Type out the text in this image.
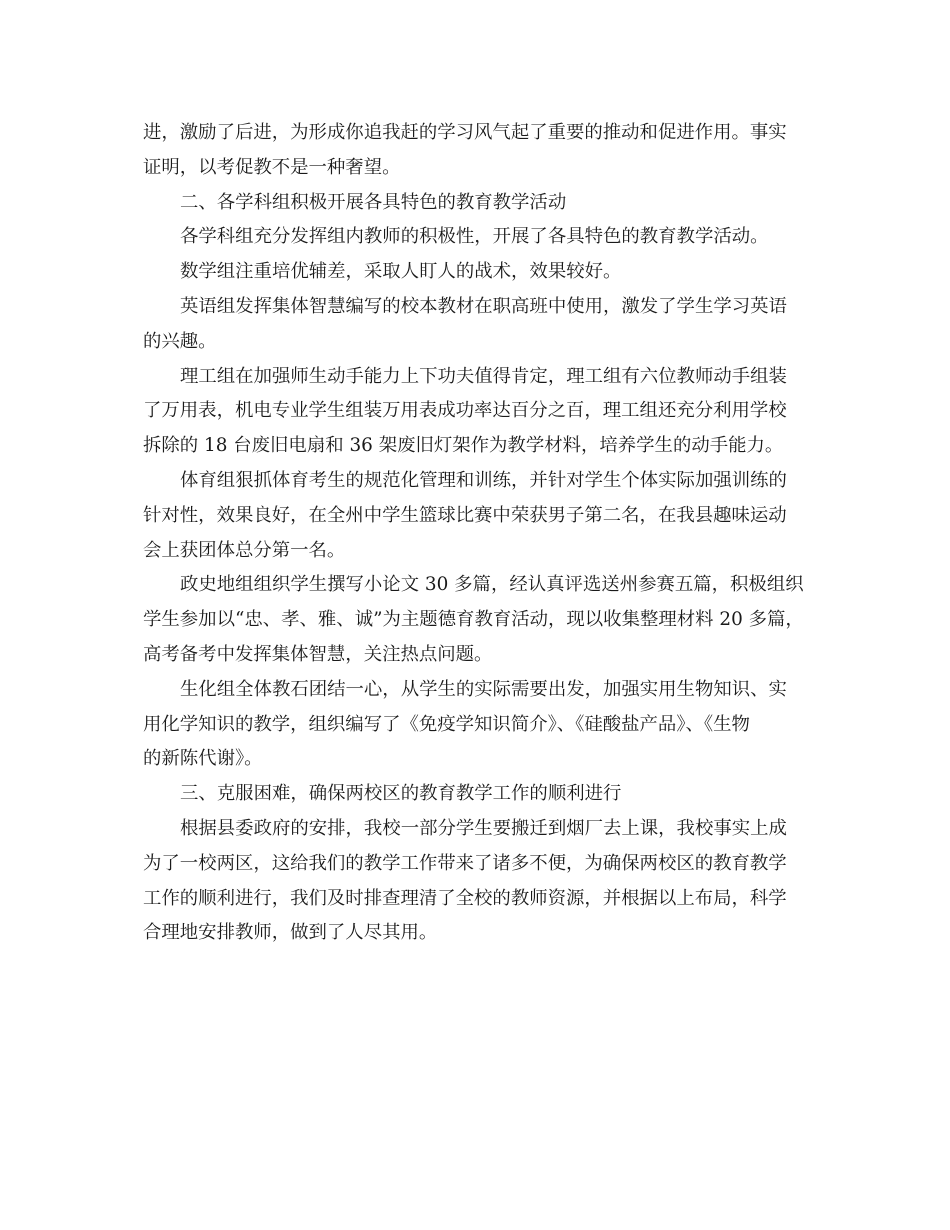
进，激励了后进，为形成你追我赶的学习风气起了重要的推动和促进作用。事实
证明，以考促教不是一种奢望。
二、各学科组积极开展各具特色的教育教学活动
各学科组充分发挥组内教师的积极性，开展了各具特色的教育教学活动。
数学组注重培优辅差，采取人盯人的战术，效果较好。
英语组发挥集体智慧编写的校本教材在职高班中使用，激发了学生学习英语
的兴趣。
理工组在加强师生动手能力上下功夫值得肯定，理工组有六位教师动手组装
了万用表，机电专业学生组装万用表成功率达百分之百，理工组还充分利用学校
拆除的 18 台废旧电扇和 36 架废旧灯架作为教学材料，培养学生的动手能力。
体育组狠抓体育考生的规范化管理和训练，并针对学生个体实际加强训练的
针对性，效果良好，在全州中学生篮球比赛中荣获男子第二名，在我县趣味运动
会上获团体总分第一名。
政史地组组织学生撰写小论文 30 多篇，经认真评选送州参赛五篇，积极组织
学生参加以“忠、孝、雅、诚”为主题德育教育活动，现以收集整理材料 20 多篇，
高考备考中发挥集体智慧，关注热点问题。
生化组全体教石团结一心，从学生的实际需要出发，加强实用生物知识、实
用化学知识的教学，组织编写了《免疫学知识简介》、《硅酸盐产品》、《生物
的新陈代谢》。
三、克服困难，确保两校区的教育教学工作的顺利进行
根据县委政府的安排，我校一部分学生要搬迁到烟厂去上课，我校事实上成
为了一校两区，这给我们的教学工作带来了诸多不便，为确保两校区的教育教学
工作的顺利进行，我们及时排查理清了全校的教师资源，并根据以上布局，科学
合理地安排教师，做到了人尽其用。
